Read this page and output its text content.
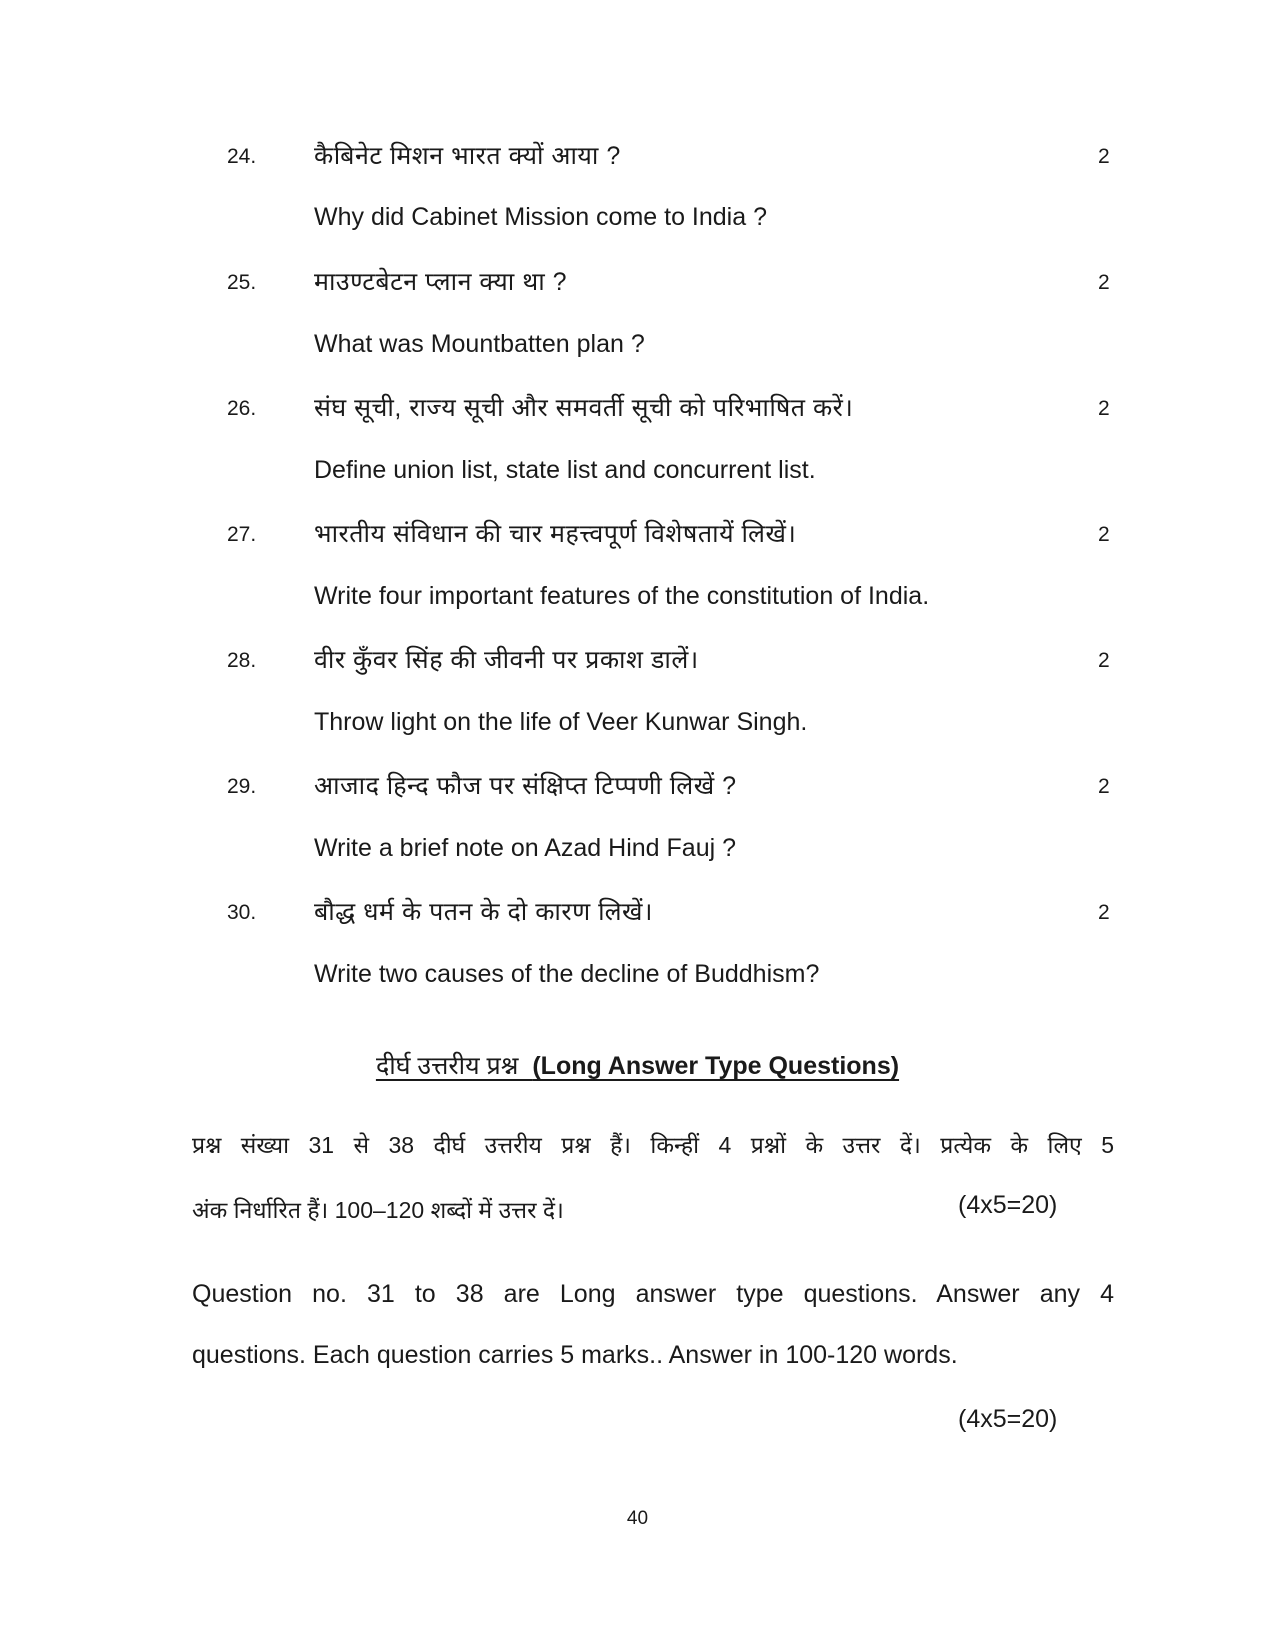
24. कैबिनेट मिशन भारत क्यों आया ?	2
Why did Cabinet Mission come to India ?
25. माउण्टबेटन प्लान क्या था ?	2
What was Mountbatten plan ?
26. संघ सूची, राज्य सूची और समवर्ती सूची को परिभाषित करें।	2
Define union list, state list and concurrent list.
27. भारतीय संविधान की चार महत्त्वपूर्ण विशेषतायें लिखें।	2
Write four important features of the constitution of India.
28. वीर कुँवर सिंह की जीवनी पर प्रकाश डालें।	2
Throw light on the life of Veer Kunwar Singh.
29. आजाद हिन्द फौज पर संक्षिप्त टिप्पणी लिखें ?	2
Write a brief note on Azad Hind Fauj ?
30. बौद्ध धर्म के पतन के दो कारण लिखें।	2
Write two causes of the decline of Buddhism?
दीर्घ उत्तरीय प्रश्न (Long Answer Type Questions)
प्रश्न संख्या 31 से 38 दीर्घ उत्तरीय प्रश्न हैं। किन्हीं 4 प्रश्नों के उत्तर दें। प्रत्येक के लिए 5
अंक निर्धारित हैं। 100–120 शब्दों में उत्तर दें।	(4x5=20)
Question no. 31 to 38 are Long answer type questions. Answer any 4
questions. Each question carries 5 marks.. Answer in 100-120 words.
(4x5=20)
40
